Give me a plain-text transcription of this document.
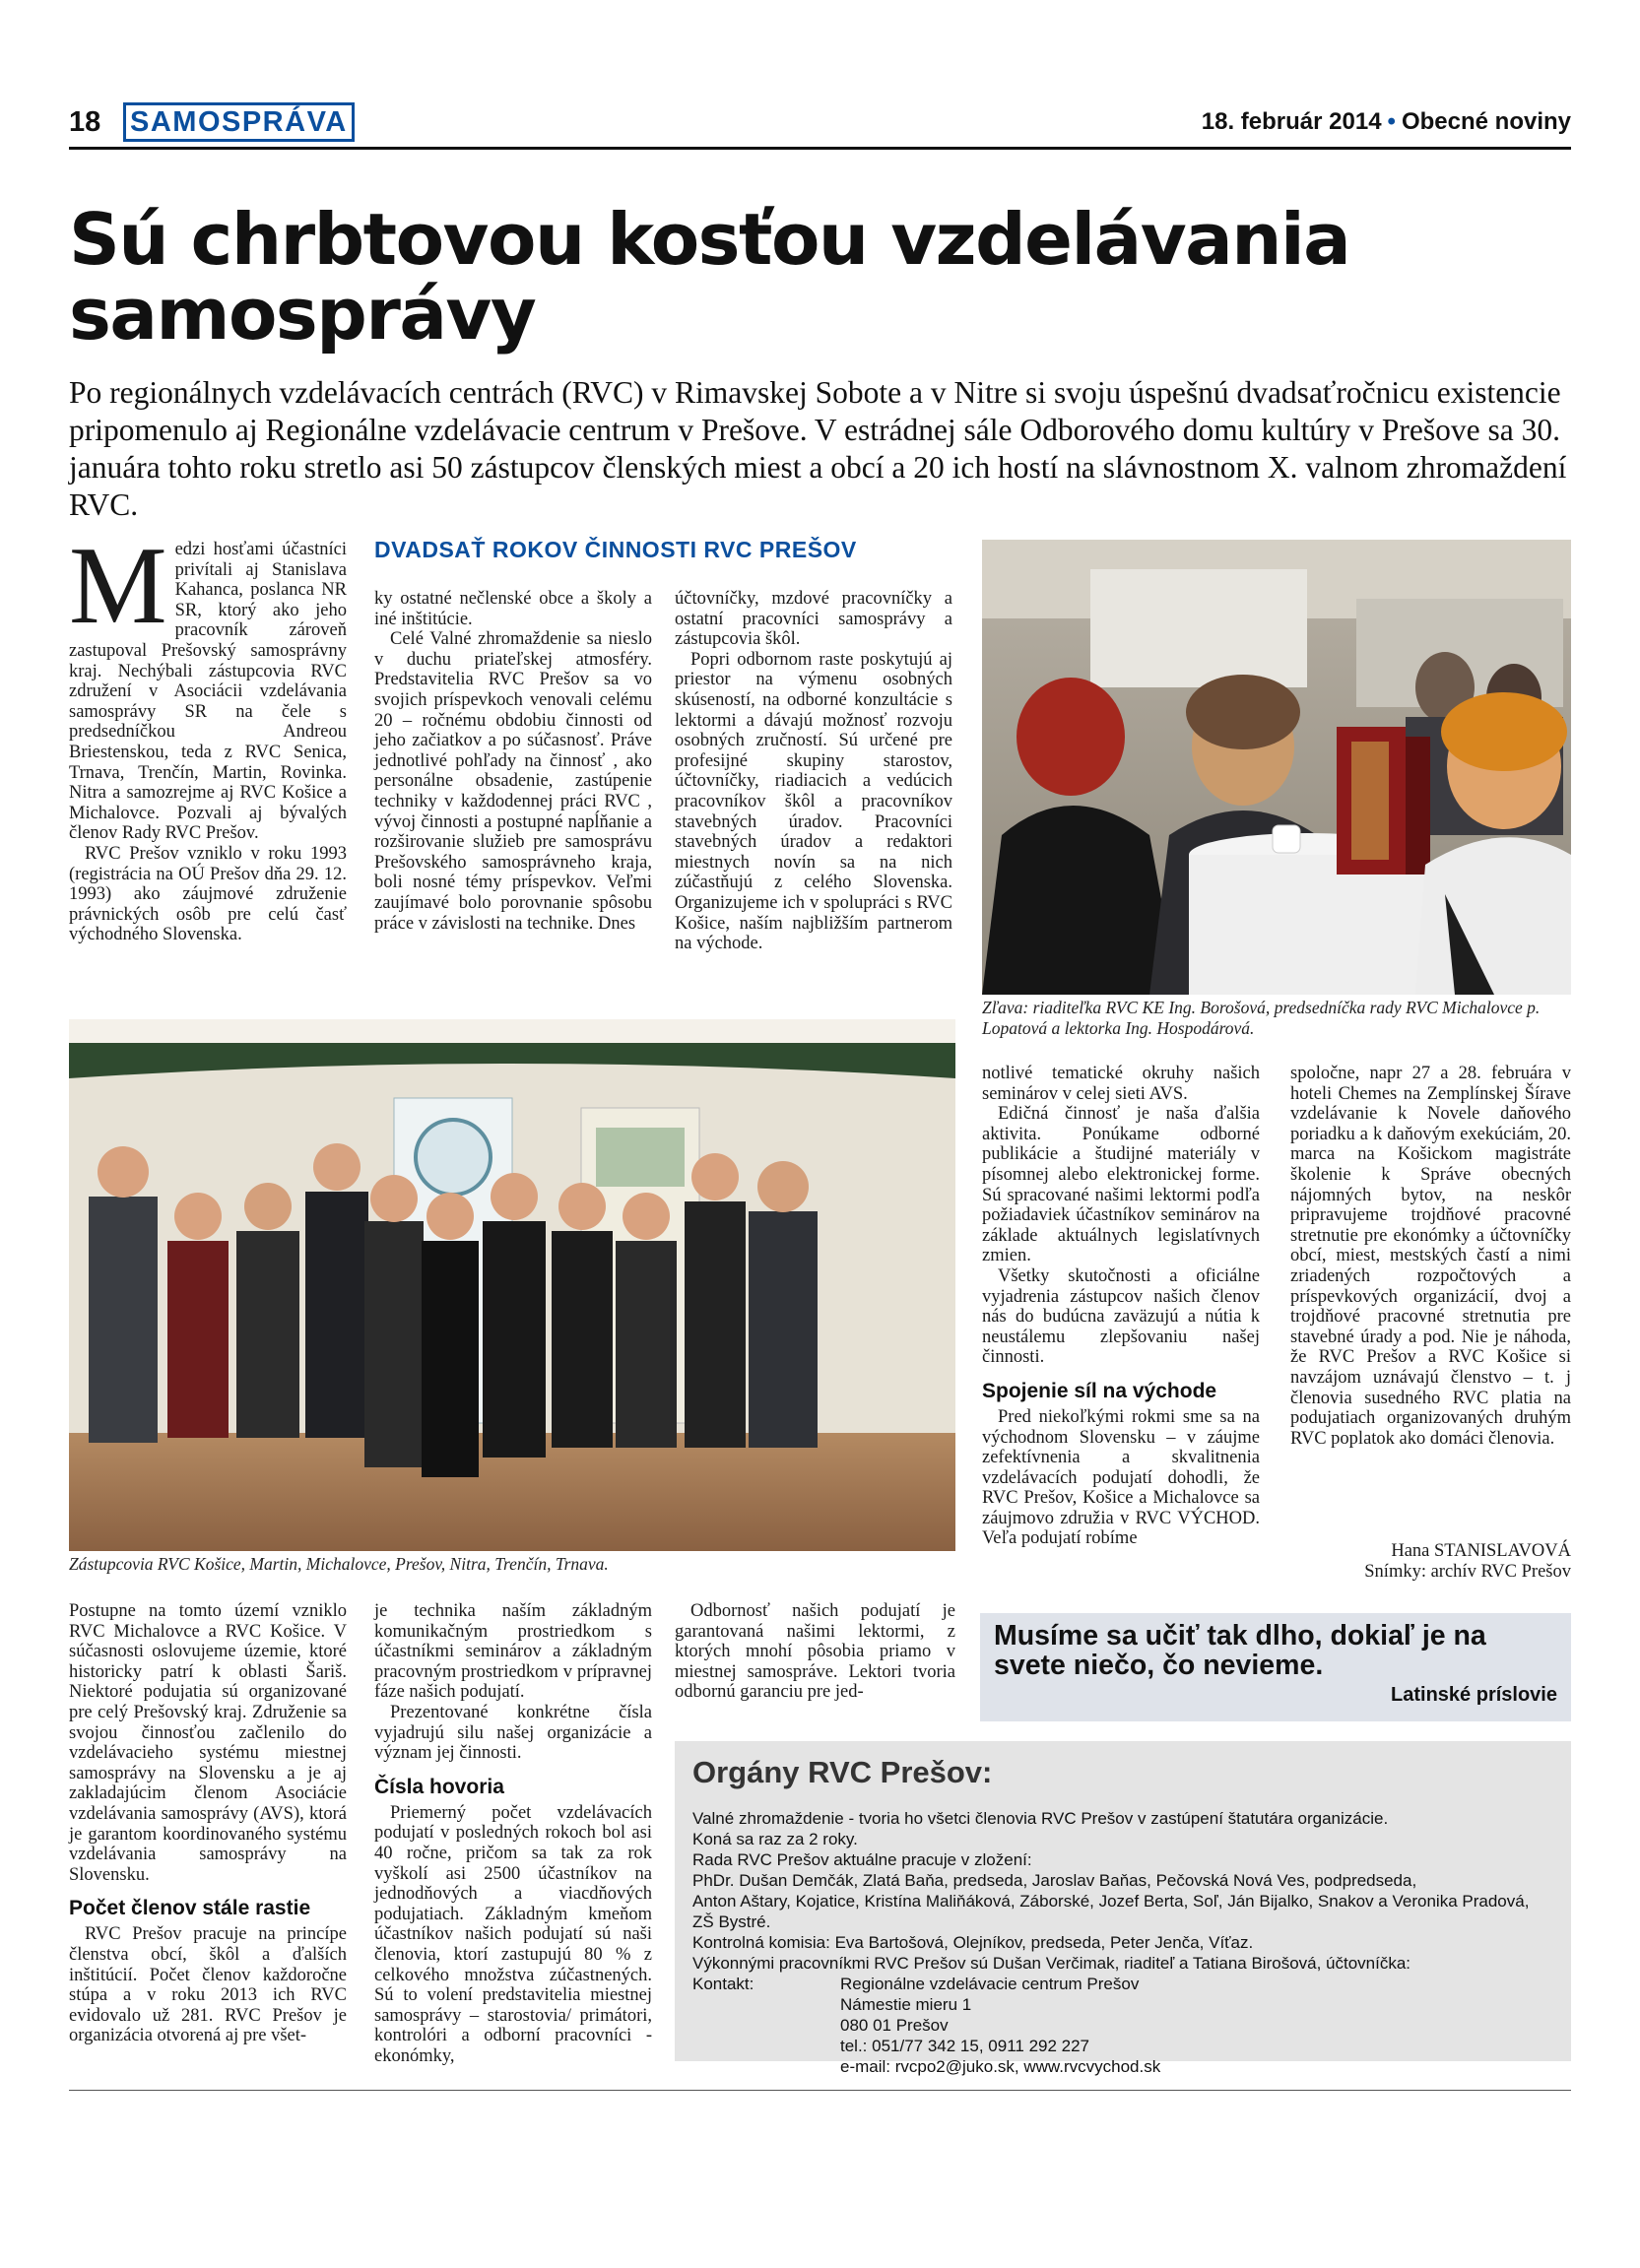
18 SAMOSPRÁVA	18. február 2014 • Obecné noviny
Sú chrbtovou kosťou vzdelávania samosprávy
Po regionálnych vzdelávacích centrách (RVC) v Rimavskej Sobote a v Nitre si svoju úspešnú dvadsaťročnicu existencie pripomenulo aj Regionálne vzdelávacie centrum v Prešove. V estrádnej sále Odborového domu kultúry v Prešove sa 30. januára tohto roku stretlo asi 50 zástupcov členských miest a obcí a 20 ich hostí na slávnostnom X. valnom zhromaždení RVC.

Medzi hosťami účastníci privítali aj Stanislava Kahanca, poslanca NR SR, ktorý ako jeho pracovník zároveň zastupoval Prešovský samosprávny kraj. Nechýbali zástupcovia RVC združení v Asociácii vzdelávania samosprávy SR na čele s predsedníčkou Andreou Briestenskou, teda z RVC Senica, Trnava, Trenčín, Martin, Rovinka. Nitra a samozrejme aj RVC Košice a Michalovce. Pozvali aj bývalých členov Rady RVC Prešov.

RVC Prešov vzniklo v roku 1993 (registrácia na OÚ Prešov dňa 29. 12. 1993) ako záujmové združenie právnických osôb pre celú časť východného Slovenska.

DVADSAŤ ROKOV ČINNOSTI RVC PREŠOV

ky ostatné nečlenské obce a školy a iné inštitúcie.

Celé Valné zhromaždenie sa nieslo v duchu priateľskej atmosféry. Predstavitelia RVC Prešov sa vo svojich príspevkoch venovali celému 20 – ročnému obdobiu činnosti od jeho začiatkov a po súčasnosť. Práve jednotlivé pohľady na činnosť , ako personálne obsadenie, zastúpenie techniky v každodennej práci RVC , vývoj činnosti a postupné napĺňanie a rozširovanie služieb pre samosprávu Prešovského samosprávneho kraja, boli nosné témy príspevkov. Veľmi zaujímavé bolo porovnanie spôsobu práce v závislosti na technike. Dnes

účtovníčky, mzdové pracovníčky a ostatní pracovníci samosprávy a zástupcovia škôl.

Popri odbornom raste poskytujú aj priestor na výmenu osobných skúseností, na odborné konzultácie s lektormi a dávajú možnosť rozvoju osobných zručností. Sú určené pre profesijné skupiny starostov, účtovníčky, riadiacich a vedúcich pracovníkov škôl a pracovníkov stavebných úradov. Pracovníci stavebných úradov a redaktori miestnych novín sa na nich zúčastňujú z celého Slovenska. Organizujeme ich v spolupráci s RVC Košice, naším najbližším partnerom na východe.

Zľava: riaditeľka RVC KE Ing. Borošová, predsedníčka rady RVC Michalovce p. Lopatová a lektorka Ing. Hospodárová.
Zástupcovia RVC Košice, Martin, Michalovce, Prešov, Nitra, Trenčín, Trnava.

notlivé tematické okruhy našich seminárov v celej sieti AVS.

Edičná činnosť je naša ďalšia aktivita. Ponúkame odborné publikácie a študijné materiály v písomnej alebo elektronickej forme. Sú spracované našimi lektormi podľa požiadaviek účastníkov seminárov na základe aktuálnych legislatívnych zmien.

Všetky skutočnosti a oficiálne vyjadrenia zástupcov našich členov nás do budúcna zaväzujú a nútia k neustálemu zlepšovaniu našej činnosti.

Spojenie síl na východe

Pred niekoľkými rokmi sme sa na východnom Slovensku – v záujme zefektívnenia a skvalitnenia vzdelávacích podujatí dohodli, že RVC Prešov, Košice a Michalovce sa záujmovo združia v RVC VÝCHOD. Veľa podujatí robíme

spoločne, napr 27 a 28. februára v hoteli Chemes na Zemplínskej Šírave vzdelávanie k Novele daňového poriadku a k daňovým exekúciám, 20. marca na Košickom magistráte školenie k Správe obecných nájomných bytov, na neskôr pripravujeme trojdňové pracovné stretnutie pre ekonómky a účtovníčky obcí, miest, mestských častí a nimi zriadených rozpočtových a príspevkových organizácií, dvoj a trojdňové pracovné stretnutia pre stavebné úrady a pod. Nie je náhoda, že RVC Prešov a RVC Košice si navzájom uznávajú členstvo – t. j členovia susedného RVC platia na podujatiach organizovaných druhým RVC poplatok ako domáci členovia.

Hana STANISLAVOVÁ
Snímky: archív RVC Prešov

Postupne na tomto území vzniklo RVC Michalovce a RVC Košice. V súčasnosti oslovujeme územie, ktoré historicky patrí k oblasti Šariš. Niektoré podujatia sú organizované pre celý Prešovský kraj. Združenie sa svojou činnosťou začlenilo do vzdelávacieho systému miestnej samosprávy na Slovensku a je aj zakladajúcim členom Asociácie vzdelávania samosprávy (AVS), ktorá je garantom koordinovaného systému vzdelávania samosprávy na Slovensku.

Počet členov stále rastie

RVC Prešov pracuje na princípe členstva obcí, škôl a ďalších inštitúcií. Počet členov každoročne stúpa a v roku 2013 ich RVC evidovalo už 281. RVC Prešov je organizácia otvorená aj pre všet-

je technika naším základným komunikačným prostriedkom s účastníkmi seminárov a základným pracovným prostriedkom v prípravnej fáze našich podujatí.

Prezentované konkrétne čísla vyjadrujú silu našej organizácie a význam jej činnosti.

Čísla hovoria

Priemerný počet vzdelávacích podujatí v posledných rokoch bol asi 40 ročne, pričom sa tak za rok vyškolí asi 2500 účastníkov na jednodňových a viacdňových podujatiach. Základným kmeňom účastníkov našich podujatí sú naši členovia, ktorí zastupujú 80 % z celkového množstva zúčastnených. Sú to volení predstavitelia miestnej samosprávy – starostovia/ primátori, kontrolóri a odborní pracovníci - ekonómky,

Odbornosť našich podujatí je garantovaná našimi lektormi, z ktorých mnohí pôsobia priamo v miestnej samospráve. Lektori tvoria odbornú garanciu pre jed-

Musíme sa učiť tak dlho, dokiaľ je na svete niečo, čo nevieme.
Latinské príslovie
Orgány RVC Prešov:
Valné zhromaždenie - tvoria ho všetci členovia RVC Prešov v zastúpení štatutára organizácie.
Koná sa raz za 2 roky.
Rada RVC Prešov aktuálne pracuje v zložení:
PhDr. Dušan Demčák, Zlatá Baňa, predseda, Jaroslav Baňas, Pečovská Nová Ves, podpredseda,
Anton Aštary, Kojatice, Kristína Maliňáková, Záborské, Jozef Berta, Soľ, Ján Bijalko, Snakov a Veronika Pradová, ZŠ Bystré.
Kontrolná komisia: Eva Bartošová, Olejníkov, predseda, Peter Jenča, Víťaz.
Výkonnými pracovníkmi RVC Prešov sú Dušan Verčimak, riaditeľ a Tatiana Birošová, účtovníčka:
Kontakt:	Regionálne vzdelávacie centrum Prešov
Námestie mieru 1
080 01 Prešov
tel.: 051/77 342 15, 0911 292 227
e-mail: rvcpo2@juko.sk, www.rvcvychod.sk
